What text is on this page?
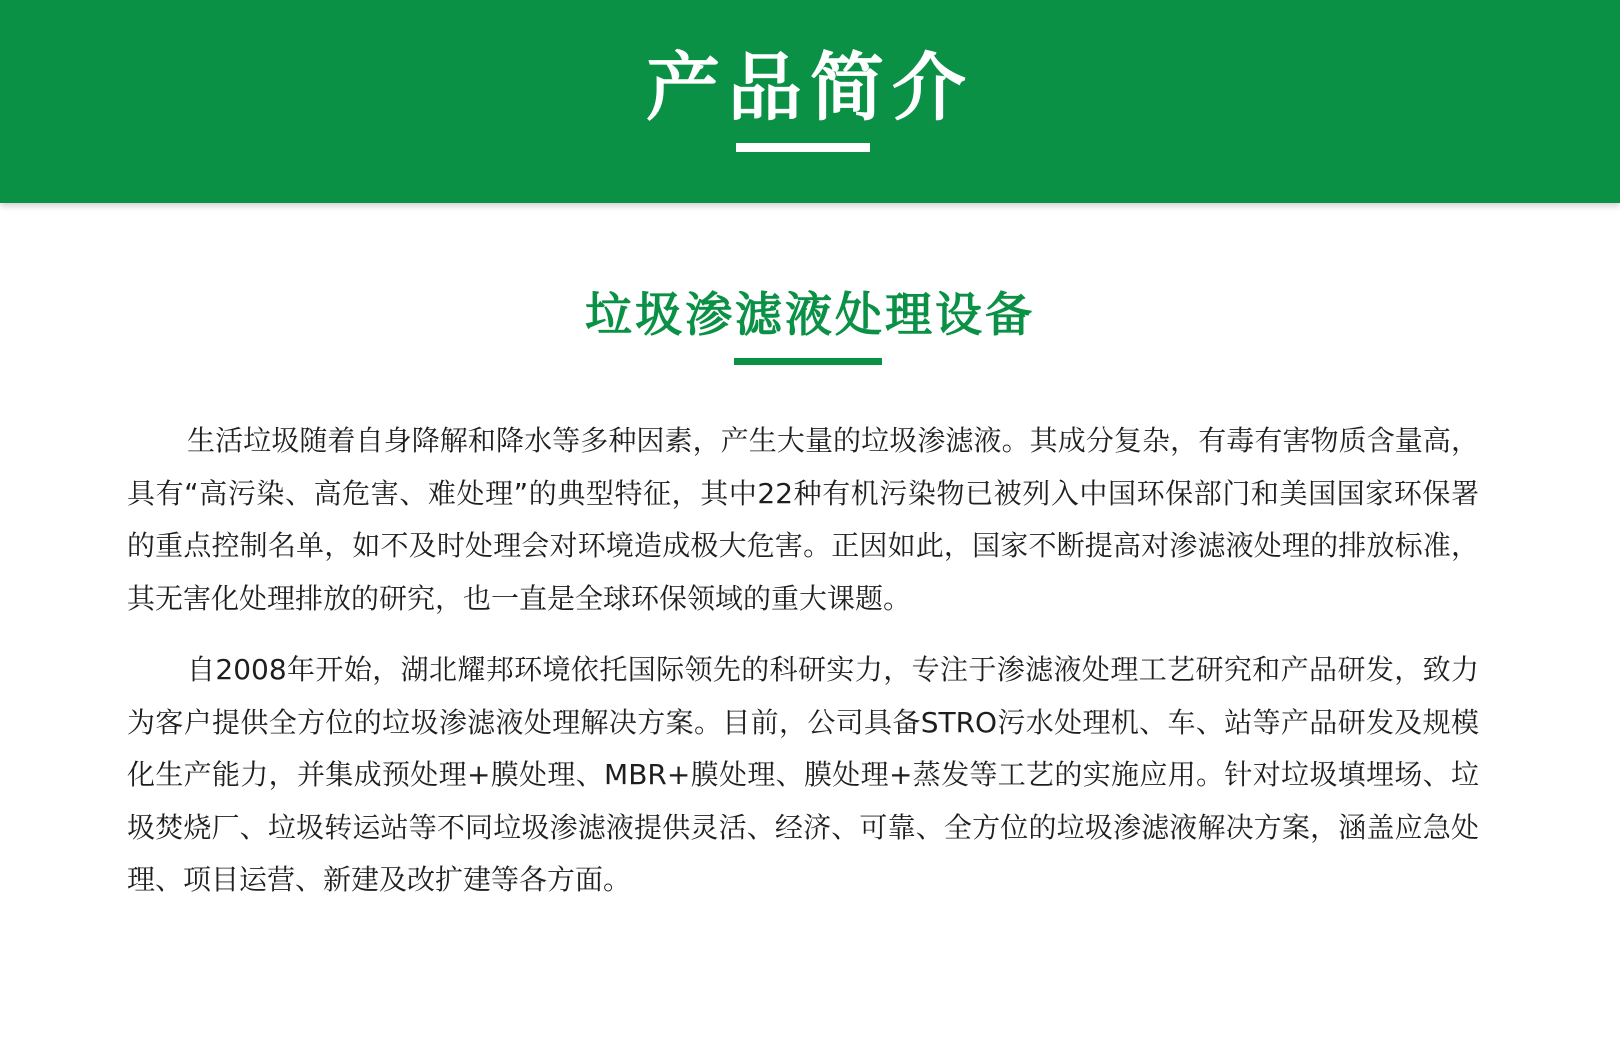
产品简介
垃圾渗滤液处理设备

生活垃圾随着自身降解和降水等多种因素，产生大量的垃圾渗滤液。其成分复杂，有毒有害物质含量高，具有“高污染、高危害、难处理”的典型特征，其中22种有机污染物已被列入中国环保部门和美国国家环保署的重点控制名单，如不及时处理会对环境造成极大危害。正因如此，国家不断提高对渗滤液处理的排放标准，其无害化处理排放的研究，也一直是全球环保领域的重大课题。

自2008年开始，湖北耀邦环境依托国际领先的科研实力，专注于渗滤液处理工艺研究和产品研发，致力为客户提供全方位的垃圾渗滤液处理解决方案。目前，公司具备STRO污水处理机、车、站等产品研发及规模化生产能力，并集成预处理+膜处理、MBR+膜处理、膜处理+蒸发等工艺的实施应用。针对垃圾填埋场、垃圾焚烧厂、垃圾转运站等不同垃圾渗滤液提供灵活、经济、可靠、全方位的垃圾渗滤液解决方案，涵盖应急处理、项目运营、新建及改扩建等各方面。
